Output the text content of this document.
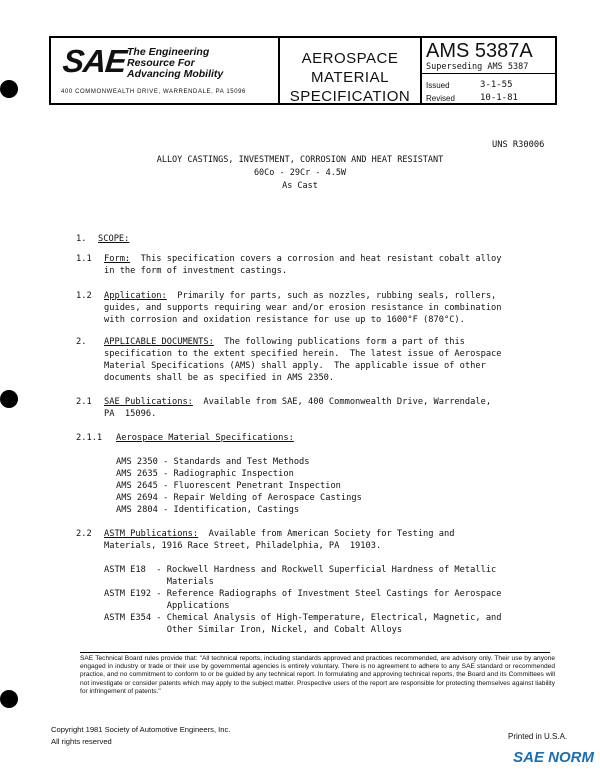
SAE The Engineering
Resource For
Advancing Mobility
400 COMMONWEALTH DRIVE, WARRENDALE, PA 15096
AEROSPACE
MATERIAL
SPECIFICATION
AMS 5387A
Superseding AMS 5387
Issued	3-1-55
Revised	10-1-81
UNS R30006
ALLOY CASTINGS, INVESTMENT, CORROSION AND HEAT RESISTANT
60Co - 29Cr - 4.5W
As Cast
1. SCOPE:
1.1 Form:  This specification covers a corrosion and heat resistant cobalt alloy
in the form of investment castings.
1.2 Application:  Primarily for parts, such as nozzles, rubbing seals, rollers,
guides, and supports requiring wear and/or erosion resistance in combination
with corrosion and oxidation resistance for use up to 1600°F (870°C).
2. APPLICABLE DOCUMENTS:  The following publications form a part of this
specification to the extent specified herein.  The latest issue of Aerospace
Material Specifications (AMS) shall apply.  The applicable issue of other
documents shall be as specified in AMS 2350.
2.1 SAE Publications:  Available from SAE, 400 Commonwealth Drive, Warrendale,
PA  15096.
2.1.1 Aerospace Material Specifications:
AMS 2350 - Standards and Test Methods
AMS 2635 - Radiographic Inspection
AMS 2645 - Fluorescent Penetrant Inspection
AMS 2694 - Repair Welding of Aerospace Castings
AMS 2804 - Identification, Castings
2.2 ASTM Publications:  Available from American Society for Testing and
Materials, 1916 Race Street, Philadelphia, PA  19103.
ASTM E18  - Rockwell Hardness and Rockwell Superficial Hardness of Metallic
Materials
ASTM E192 - Reference Radiographs of Investment Steel Castings for Aerospace
Applications
ASTM E354 - Chemical Analysis of High-Temperature, Electrical, Magnetic, and
Other Similar Iron, Nickel, and Cobalt Alloys
SAE Technical Board rules provide that: "All technical reports, including standards approved and practices recommended, are advisory only. Their use by anyone engaged in industry or trade or their use by governmental agencies is entirely voluntary. There is no agreement to adhere to any SAE standard or recommended practice, and no commitment to conform to or be guided by any technical report. In formulating and approving technical reports, the Board and its Committees will not investigate or consider patents which may apply to the subject matter. Prospective users of the report are responsible for protecting themselves against liability for infringement of patents."
Copyright 1981 Society of Automotive Engineers, Inc.
All rights reserved
Printed in U.S.A.
SAE NORM
